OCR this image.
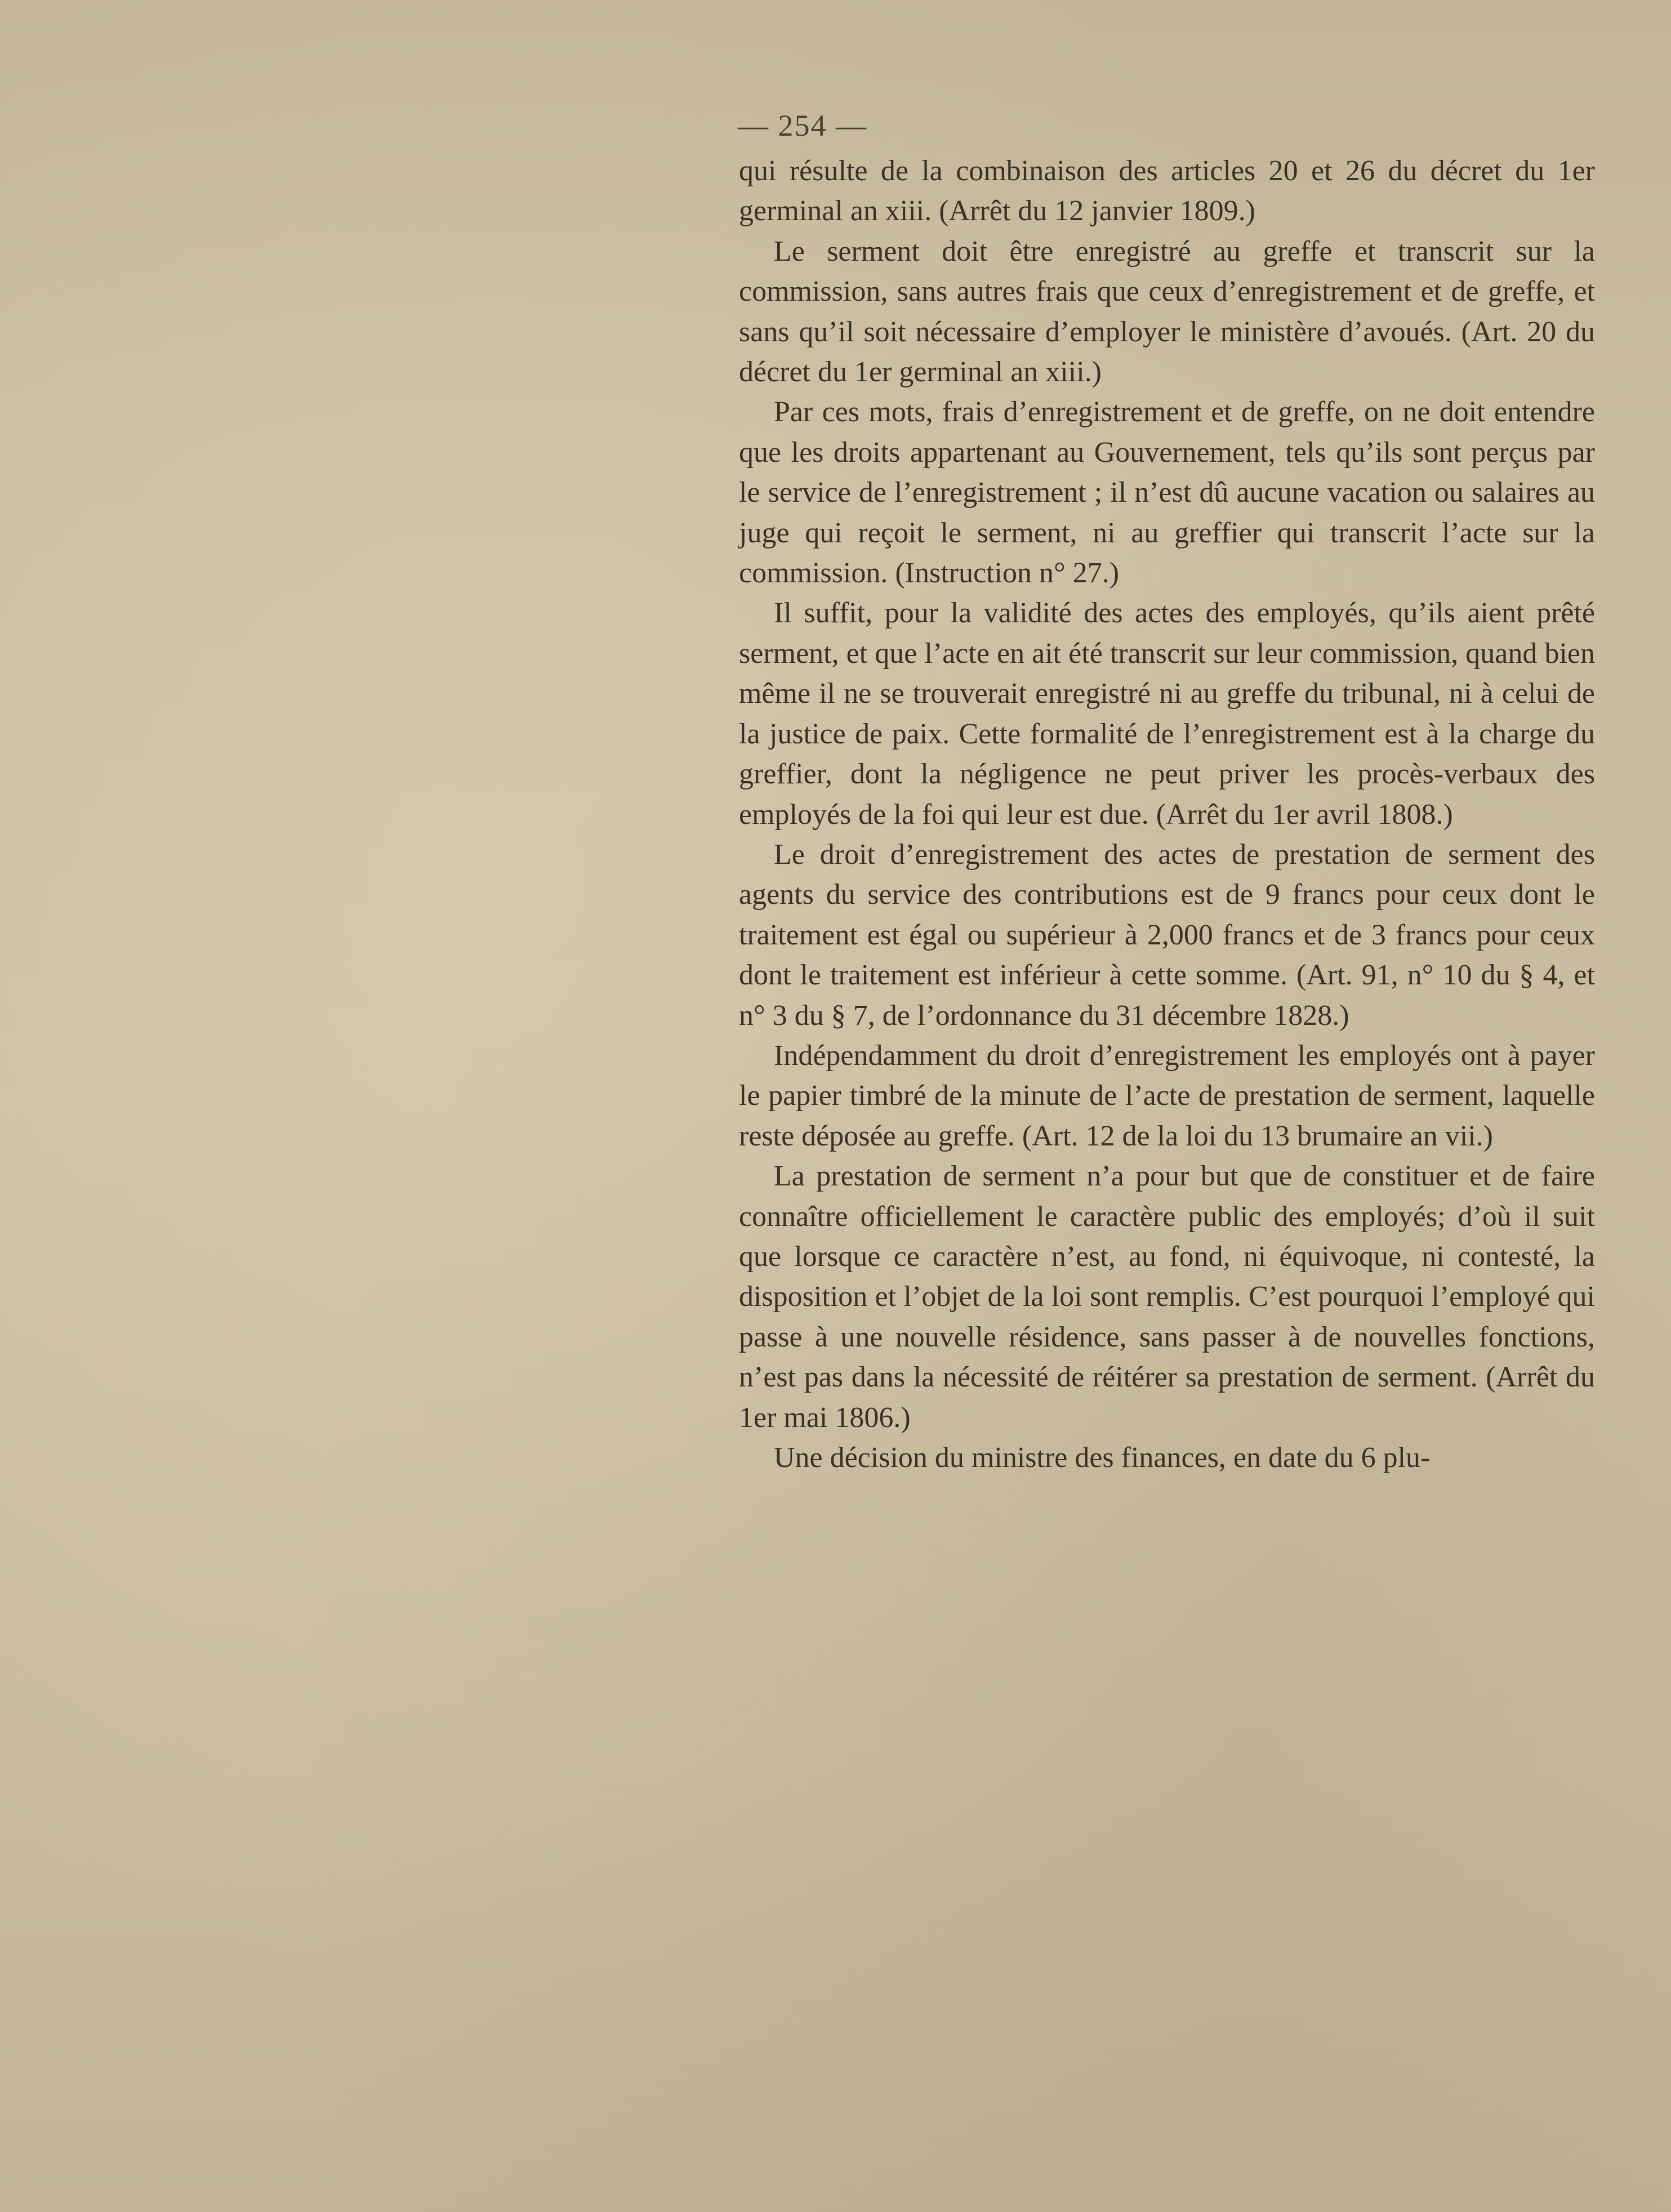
— 254 —

qui résulte de la combinaison des articles 20 et 26 du décret du 1er germinal an xiii. (Arrêt du 12 janvier 1809.)

Le serment doit être enregistré au greffe et transcrit sur la commission, sans autres frais que ceux d’enregistrement et de greffe, et sans qu’il soit nécessaire d’employer le ministère d’avoués. (Art. 20 du décret du 1er germinal an xiii.)

Par ces mots, frais d’enregistrement et de greffe, on ne doit entendre que les droits appartenant au Gouvernement, tels qu’ils sont perçus par le service de l’enregistrement ; il n’est dû aucune vacation ou salaires au juge qui reçoit le serment, ni au greffier qui transcrit l’acte sur la commission. (Instruction n° 27.)

Il suffit, pour la validité des actes des employés, qu’ils aient prêté serment, et que l’acte en ait été transcrit sur leur commission, quand bien même il ne se trouverait enregistré ni au greffe du tribunal, ni à celui de la justice de paix. Cette formalité de l’enregistrement est à la charge du greffier, dont la négligence ne peut priver les procès-verbaux des employés de la foi qui leur est due. (Arrêt du 1er avril 1808.)

Le droit d’enregistrement des actes de prestation de serment des agents du service des contributions est de 9 francs pour ceux dont le traitement est égal ou supérieur à 2,000 francs et de 3 francs pour ceux dont le traitement est inférieur à cette somme. (Art. 91, n° 10 du § 4, et n° 3 du § 7, de l’ordonnance du 31 décembre 1828.)

Indépendamment du droit d’enregistrement les employés ont à payer le papier timbré de la minute de l’acte de prestation de serment, laquelle reste déposée au greffe. (Art. 12 de la loi du 13 brumaire an vii.)

La prestation de serment n’a pour but que de constituer et de faire connaître officiellement le caractère public des employés; d’où il suit que lorsque ce caractère n’est, au fond, ni équivoque, ni contesté, la disposition et l’objet de la loi sont remplis. C’est pourquoi l’employé qui passe à une nouvelle résidence, sans passer à de nouvelles fonctions, n’est pas dans la nécessité de réitérer sa prestation de serment. (Arrêt du 1er mai 1806.)

Une décision du ministre des finances, en date du 6 plu-
